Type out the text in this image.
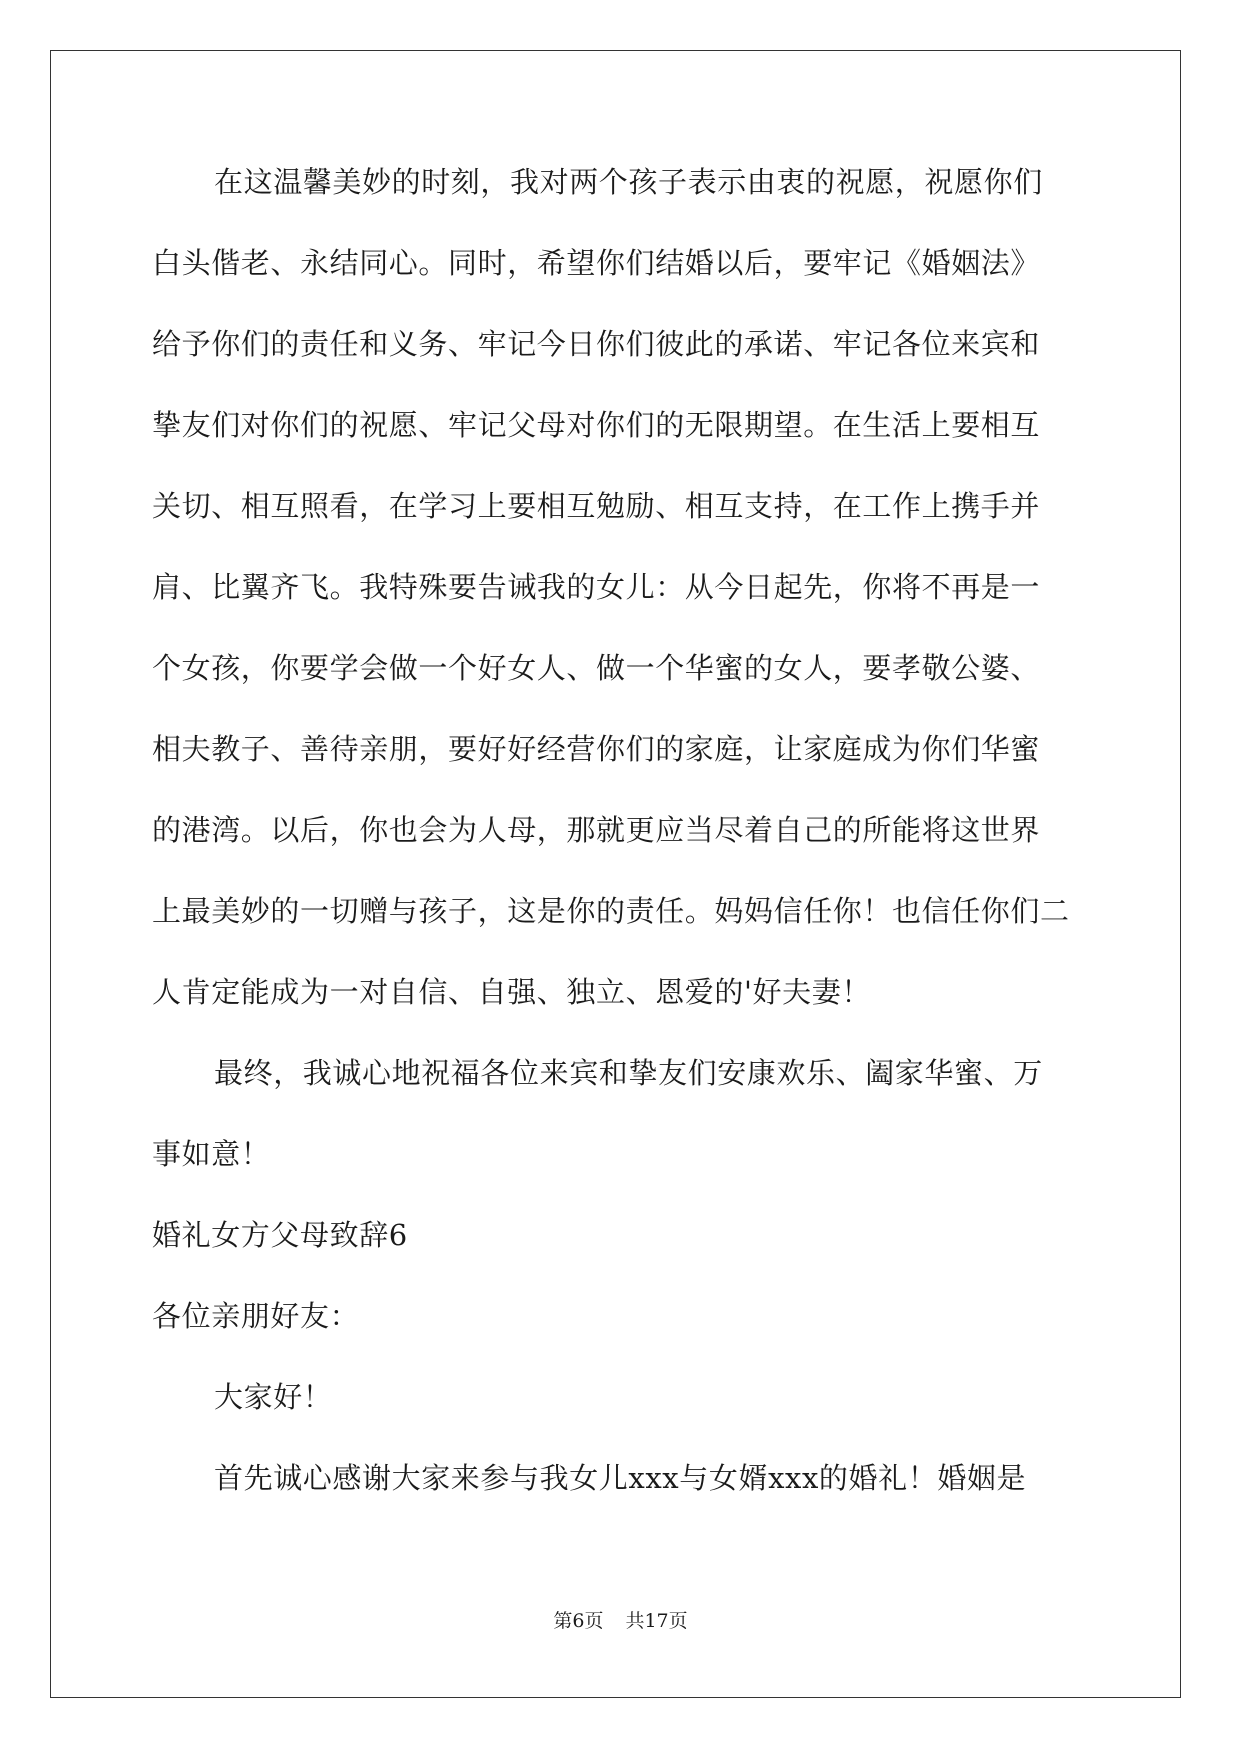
在这温馨美妙的时刻，我对两个孩子表示由衷的祝愿，祝愿你们
白头偕老、永结同心。同时，希望你们结婚以后，要牢记《婚姻法》
给予你们的责任和义务、牢记今日你们彼此的承诺、牢记各位来宾和
挚友们对你们的祝愿、牢记父母对你们的无限期望。在生活上要相互
关切、相互照看，在学习上要相互勉励、相互支持，在工作上携手并
肩、比翼齐飞。我特殊要告诫我的女儿：从今日起先，你将不再是一
个女孩，你要学会做一个好女人、做一个华蜜的女人，要孝敬公婆、
相夫教子、善待亲朋，要好好经营你们的家庭，让家庭成为你们华蜜
的港湾。以后，你也会为人母，那就更应当尽着自己的所能将这世界
上最美妙的一切赠与孩子，这是你的责任。妈妈信任你！也信任你们二
人肯定能成为一对自信、自强、独立、恩爱的'好夫妻！
最终，我诚心地祝福各位来宾和挚友们安康欢乐、阖家华蜜、万
事如意！
婚礼女方父母致辞6
各位亲朋好友：
大家好！
首先诚心感谢大家来参与我女儿xxx与女婿xxx的婚礼！婚姻是
第6页 共17页
